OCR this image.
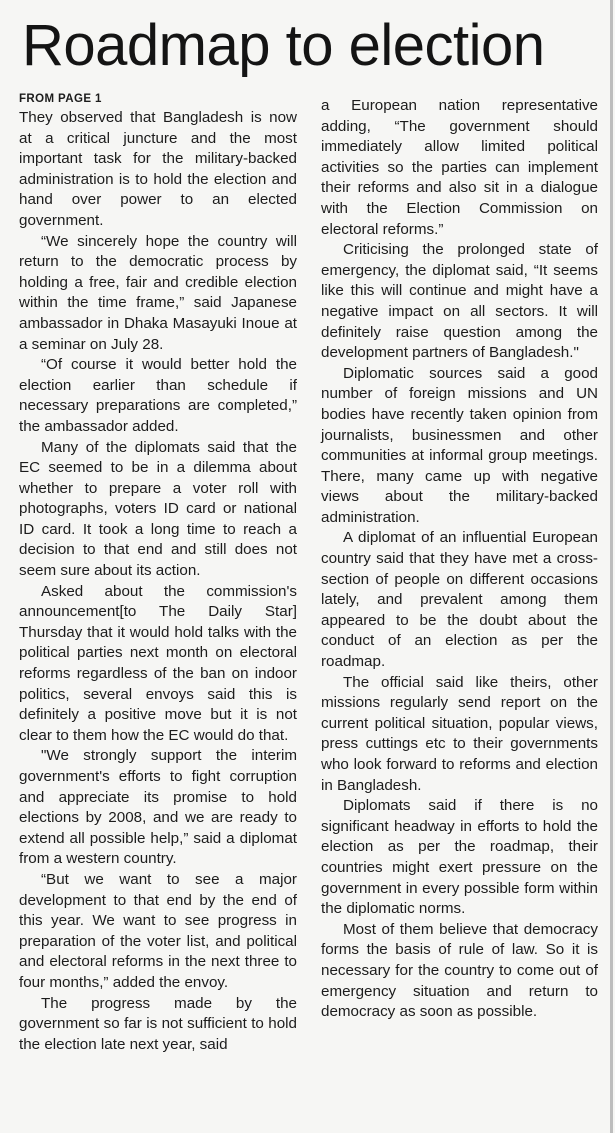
Roadmap to election
FROM PAGE 1

They observed that Bangladesh is now at a critical juncture and the most important task for the military-backed administration is to hold the election and hand over power to an elected government.

“We sincerely hope the country will return to the democratic process by holding a free, fair and credible election within the time frame,” said Japanese ambassador in Dhaka Masayuki Inoue at a seminar on July 28.

“Of course it would better hold the election earlier than schedule if necessary preparations are completed,” the ambassador added.

Many of the diplomats said that the EC seemed to be in a dilemma about whether to prepare a voter roll with photographs, voters ID card or national ID card. It took a long time to reach a decision to that end and still does not seem sure about its action.

Asked about the commission's announcement[to The Daily Star] Thursday that it would hold talks with the political parties next month on electoral reforms regardless of the ban on indoor politics, several envoys said this is definitely a positive move but it is not clear to them how the EC would do that.

"We strongly support the interim government's efforts to fight corruption and appreciate its promise to hold elections by 2008, and we are ready to extend all possible help,” said a diplomat from a western country.

“But we want to see a major development to that end by the end of this year. We want to see progress in preparation of the voter list, and political and electoral reforms in the next three to four months,” added the envoy.

The progress made by the government so far is not sufficient to hold the election late next year, said

a European nation representative adding, “The government should immediately allow limited political activities so the parties can implement their reforms and also sit in a dialogue with the Election Commission on electoral reforms.”

Criticising the prolonged state of emergency, the diplomat said, “It seems like this will continue and might have a negative impact on all sectors. It will definitely raise question among the development partners of Bangladesh."

Diplomatic sources said a good number of foreign missions and UN bodies have recently taken opinion from journalists, businessmen and other communities at informal group meetings. There, many came up with negative views about the military-backed administration.

A diplomat of an influential European country said that they have met a cross-section of people on different occasions lately, and prevalent among them appeared to be the doubt about the conduct of an election as per the roadmap.

The official said like theirs, other missions regularly send report on the current political situation, popular views, press cuttings etc to their governments who look forward to reforms and election in Bangladesh.

Diplomats said if there is no significant headway in efforts to hold the election as per the roadmap, their countries might exert pressure on the government in every possible form within the diplomatic norms.

Most of them believe that democracy forms the basis of rule of law. So it is necessary for the country to come out of emergency situation and return to democracy as soon as possible.
